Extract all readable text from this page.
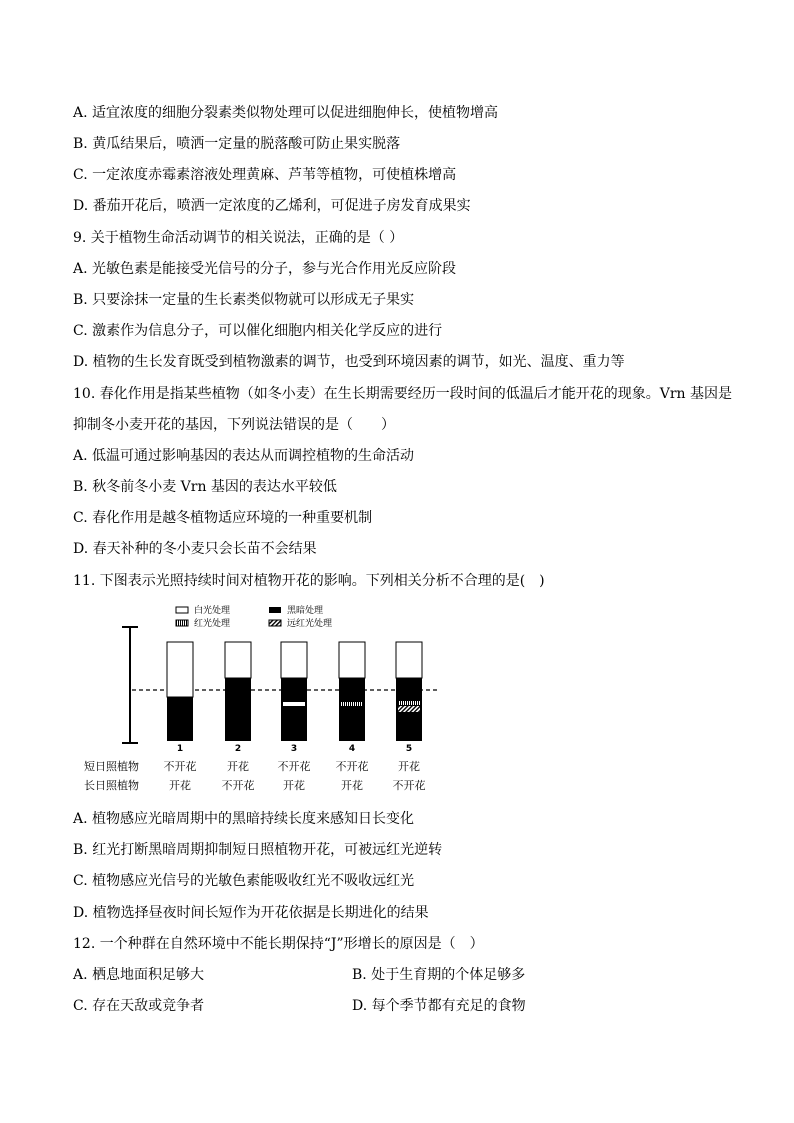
A. 适宜浓度的细胞分裂素类似物处理可以促进细胞伸长，使植物增高
B. 黄瓜结果后，喷洒一定量的脱落酸可防止果实脱落
C. 一定浓度赤霉素溶液处理黄麻、芦苇等植物，可使植株增高
D. 番茄开花后，喷洒一定浓度的乙烯利，可促进子房发育成果实
9. 关于植物生命活动调节的相关说法，正确的是（ ）
A. 光敏色素是能接受光信号的分子，参与光合作用光反应阶段
B. 只要涂抹一定量的生长素类似物就可以形成无子果实
C. 激素作为信息分子，可以催化细胞内相关化学反应的进行
D. 植物的生长发育既受到植物激素的调节，也受到环境因素的调节，如光、温度、重力等
10. 春化作用是指某些植物（如冬小麦）在生长期需要经历一段时间的低温后才能开花的现象。Vrn 基因是
抑制冬小麦开花的基因，下列说法错误的是（　　）
A. 低温可通过影响基因的表达从而调控植物的生命活动
B. 秋冬前冬小麦 Vrn 基因的表达水平较低
C. 春化作用是越冬植物适应环境的一种重要机制
D. 春天补种的冬小麦只会长苗不会结果
11. 下图表示光照持续时间对植物开花的影响。下列相关分析不合理的是(　)
白光处理	黑暗处理
红光处理	远红光处理
1	2	3	4	5
短日照植物
长日照植物
不开花	开花	不开花 不开花	开花
开花	不开花	开花	开花	不开花
A. 植物感应光暗周期中的黑暗持续长度来感知日长变化
B. 红光打断黑暗周期抑制短日照植物开花，可被远红光逆转
C. 植物感应光信号的光敏色素能吸收红光不吸收远红光
D. 植物选择昼夜时间长短作为开花依据是长期进化的结果
12. 一个种群在自然环境中不能长期保持“J”形增长的原因是（　）
A. 栖息地面积足够大	B. 处于生育期的个体足够多
C. 存在天敌或竞争者	D. 每个季节都有充足的食物
